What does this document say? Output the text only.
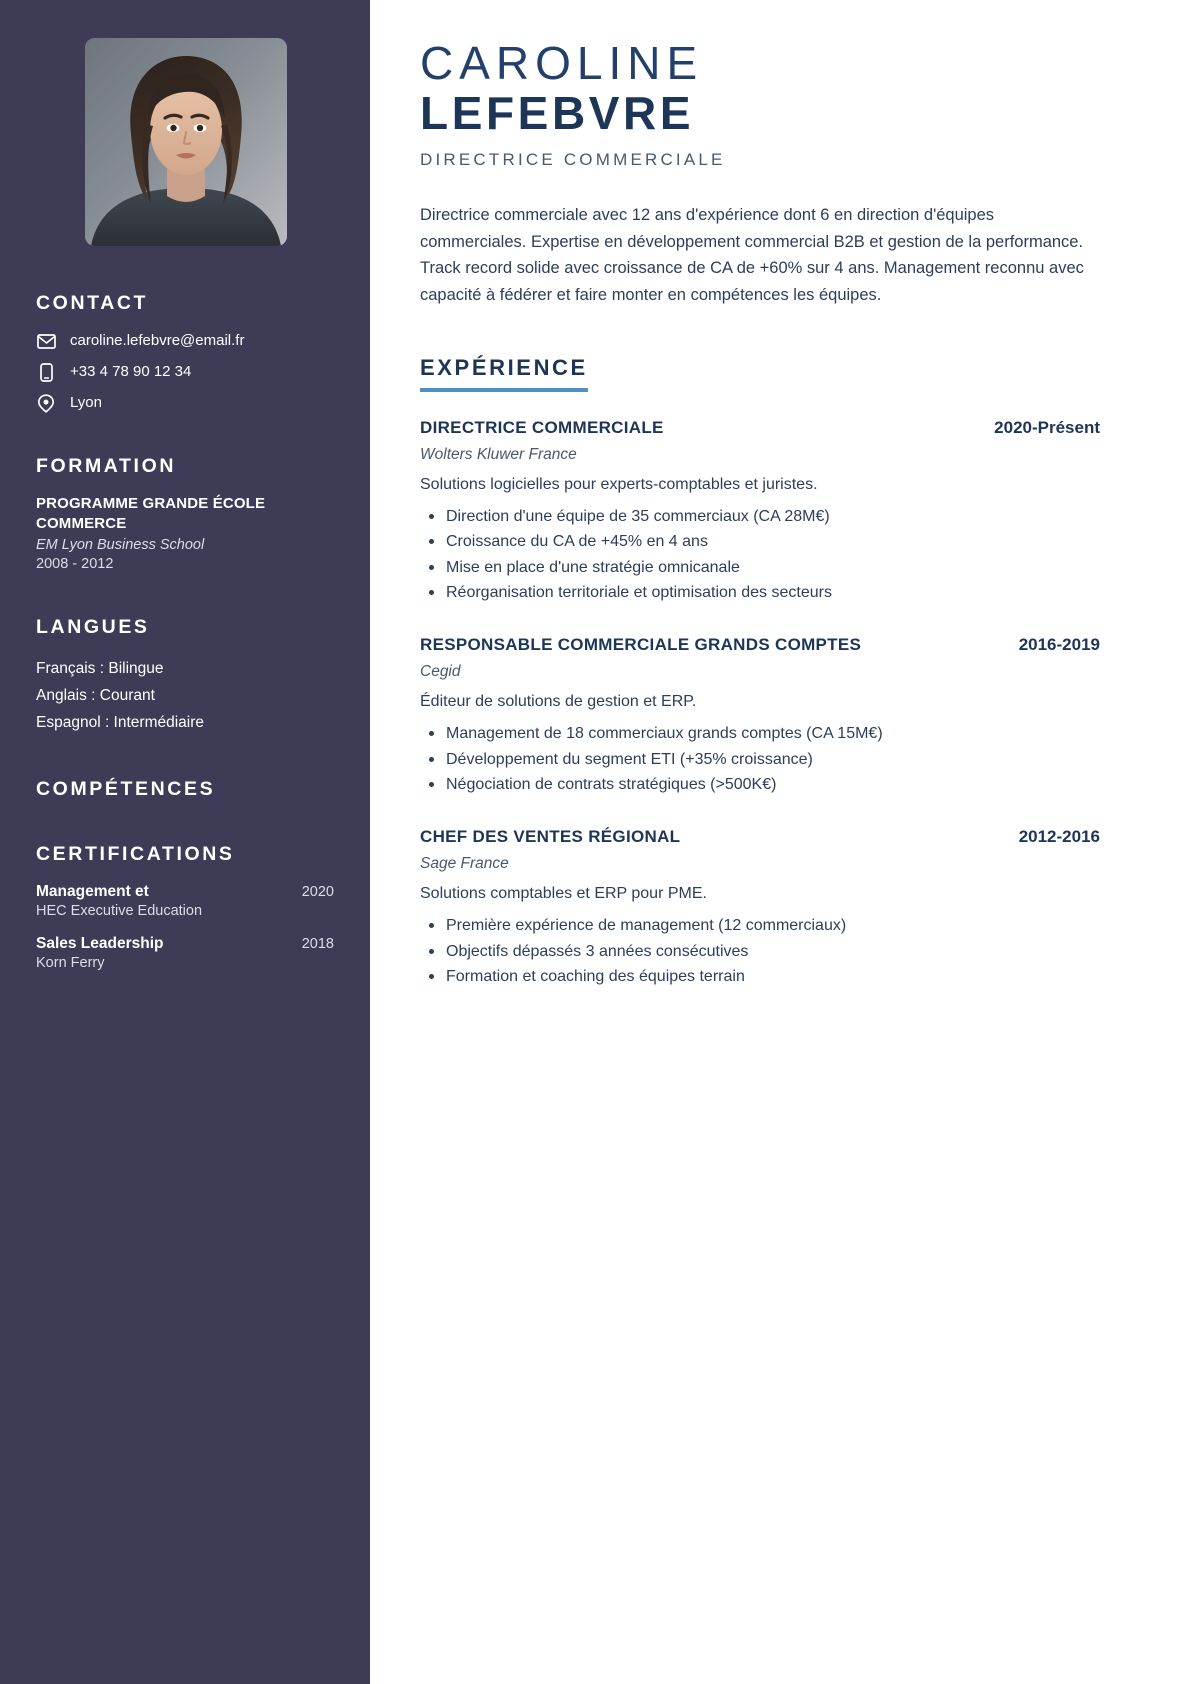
CONTACT
caroline.lefebvre@email.fr
+33 4 78 90 12 34
Lyon
FORMATION
PROGRAMME GRANDE ÉCOLE COMMERCE
EM Lyon Business School
2008 - 2012
LANGUES
Français : Bilingue
Anglais : Courant
Espagnol : Intermédiaire
COMPÉTENCES
CERTIFICATIONS
Management et	2020
HEC Executive Education
Sales Leadership	2018
Korn Ferry
CAROLINE
LEFEBVRE
DIRECTRICE COMMERCIALE

Directrice commerciale avec 12 ans d'expérience dont 6 en direction d'équipes commerciales. Expertise en développement commercial B2B et gestion de la performance. Track record solide avec croissance de CA de +60% sur 4 ans. Management reconnu avec capacité à fédérer et faire monter en compétences les équipes.

EXPÉRIENCE
DIRECTRICE COMMERCIALE	2020-Présent
Wolters Kluwer France
Solutions logicielles pour experts-comptables et juristes.
Direction d'une équipe de 35 commerciaux (CA 28M€)
Croissance du CA de +45% en 4 ans
Mise en place d'une stratégie omnicanale
Réorganisation territoriale et optimisation des secteurs
RESPONSABLE COMMERCIALE GRANDS COMPTES	2016-2019
Cegid
Éditeur de solutions de gestion et ERP.
Management de 18 commerciaux grands comptes (CA 15M€)
Développement du segment ETI (+35% croissance)
Négociation de contrats stratégiques (>500K€)
CHEF DES VENTES RÉGIONAL	2012-2016
Sage France
Solutions comptables et ERP pour PME.
Première expérience de management (12 commerciaux)
Objectifs dépassés 3 années consécutives
Formation et coaching des équipes terrain
